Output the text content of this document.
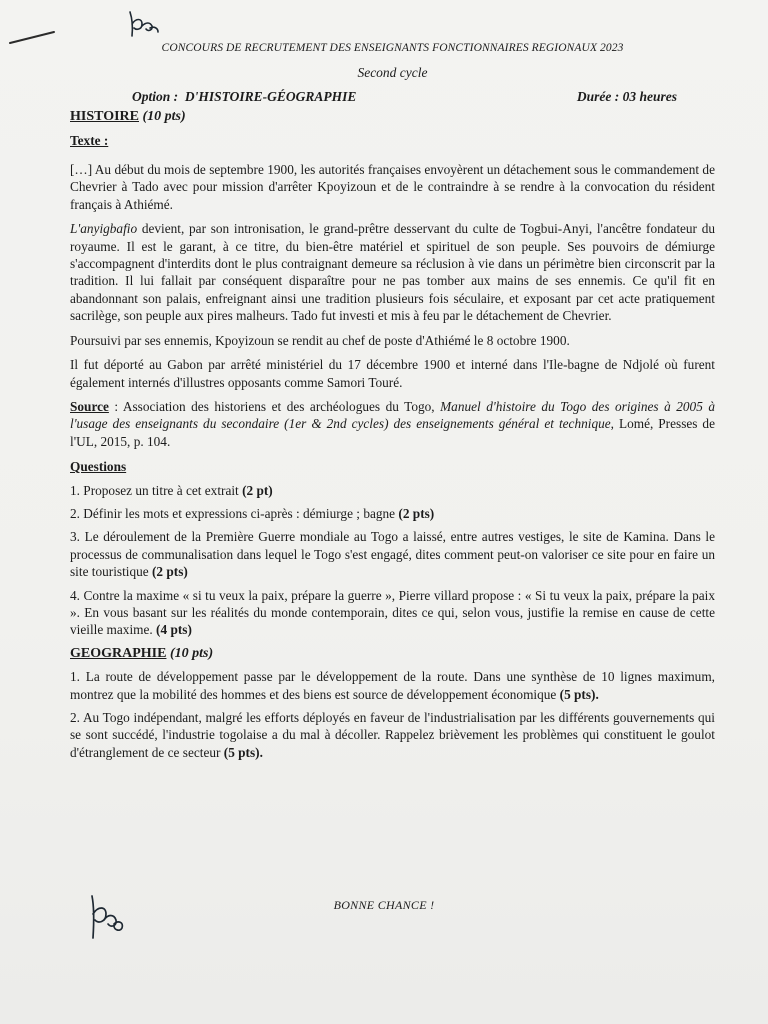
CONCOURS DE RECRUTEMENT DES ENSEIGNANTS FONCTIONNAIRES REGIONAUX 2023
Second cycle
Option : D'HISTOIRE-GÉOGRAPHIE	Durée : 03 heures
HISTOIRE (10 pts)
Texte :

[…] Au début du mois de septembre 1900, les autorités françaises envoyèrent un détachement sous le commandement de Chevrier à Tado avec pour mission d'arrêter Kpoyizoun et de le contraindre à se rendre à la convocation du résident français à Athiémé.

L'anyigbafio devient, par son intronisation, le grand-prêtre desservant du culte de Togbui-Anyi, l'ancêtre fondateur du royaume. Il est le garant, à ce titre, du bien-être matériel et spirituel de son peuple. Ses pouvoirs de démiurge s'accompagnent d'interdits dont le plus contraignant demeure sa réclusion à vie dans un périmètre bien circonscrit par la tradition. Il lui fallait par conséquent disparaître pour ne pas tomber aux mains de ses ennemis. Ce qu'il fit en abandonnant son palais, enfreignant ainsi une tradition plusieurs fois séculaire, et exposant par cet acte pratiquement sacrilège, son peuple aux pires malheurs. Tado fut investi et mis à feu par le détachement de Chevrier.

Poursuivi par ses ennemis, Kpoyizoun se rendit au chef de poste d'Athiémé le 8 octobre 1900.

Il fut déporté au Gabon par arrêté ministériel du 17 décembre 1900 et interné dans l'Ile-bagne de Ndjolé où furent également internés d'illustres opposants comme Samori Touré.

Source : Association des historiens et des archéologues du Togo, Manuel d'histoire du Togo des origines à 2005 à l'usage des enseignants du secondaire (1er & 2nd cycles) des enseignements général et technique, Lomé, Presses de l'UL, 2015, p. 104.

Questions

1. Proposez un titre à cet extrait (2 pt)

2. Définir les mots et expressions ci-après : démiurge ; bagne (2 pts)

3. Le déroulement de la Première Guerre mondiale au Togo a laissé, entre autres vestiges, le site de Kamina. Dans le processus de communalisation dans lequel le Togo s'est engagé, dites comment peut-on valoriser ce site pour en faire un site touristique (2 pts)

4. Contre la maxime « si tu veux la paix, prépare la guerre », Pierre villard propose : « Si tu veux la paix, prépare la paix ». En vous basant sur les réalités du monde contemporain, dites ce qui, selon vous, justifie la remise en cause de cette vieille maxime. (4 pts)

GEOGRAPHIE (10 pts)

1. La route de développement passe par le développement de la route. Dans une synthèse de 10 lignes maximum, montrez que la mobilité des hommes et des biens est source de développement économique (5 pts).

2. Au Togo indépendant, malgré les efforts déployés en faveur de l'industrialisation par les différents gouvernements qui se sont succédé, l'industrie togolaise a du mal à décoller. Rappelez brièvement les problèmes qui constituent le goulot d'étranglement de ce secteur (5 pts).

BONNE CHANCE !
